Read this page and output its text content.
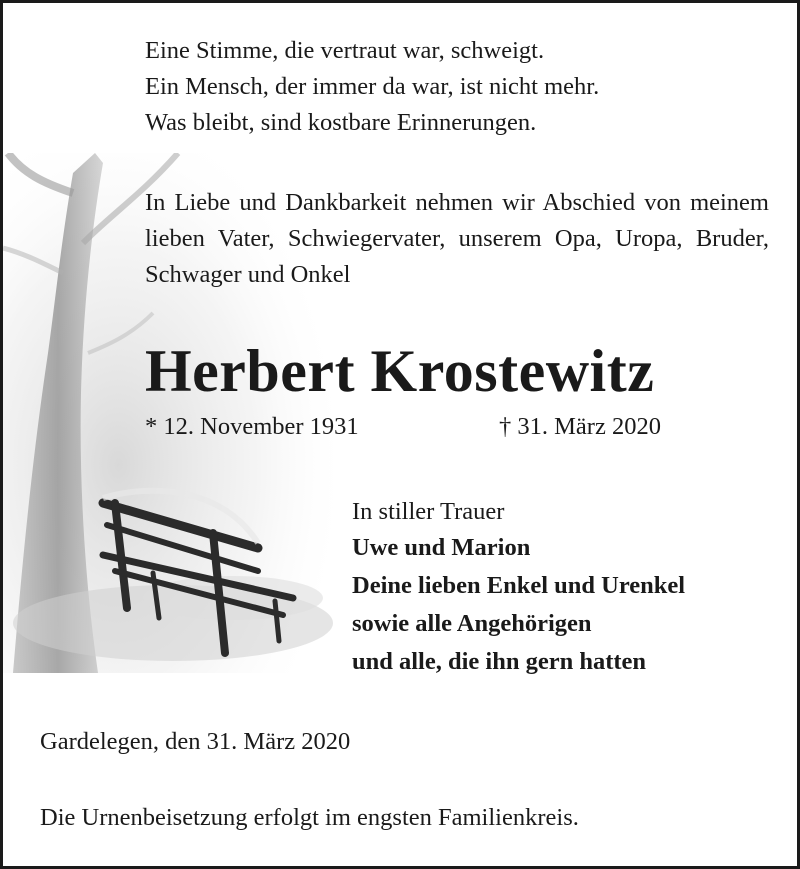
Eine Stimme, die vertraut war, schweigt.
Ein Mensch, der immer da war, ist nicht mehr.
Was bleibt, sind kostbare Erinnerungen.
In Liebe und Dankbarkeit nehmen wir Abschied von meinem lieben Vater, Schwiegervater, unserem Opa, Uropa, Bruder, Schwager und Onkel
Herbert Krostewitz
* 12. November 1931	† 31. März 2020
In stiller Trauer
Uwe und Marion
Deine lieben Enkel und Urenkel
sowie alle Angehörigen
und alle, die ihn gern hatten
Gardelegen, den 31. März 2020
Die Urnenbeisetzung erfolgt im engsten Familienkreis.
